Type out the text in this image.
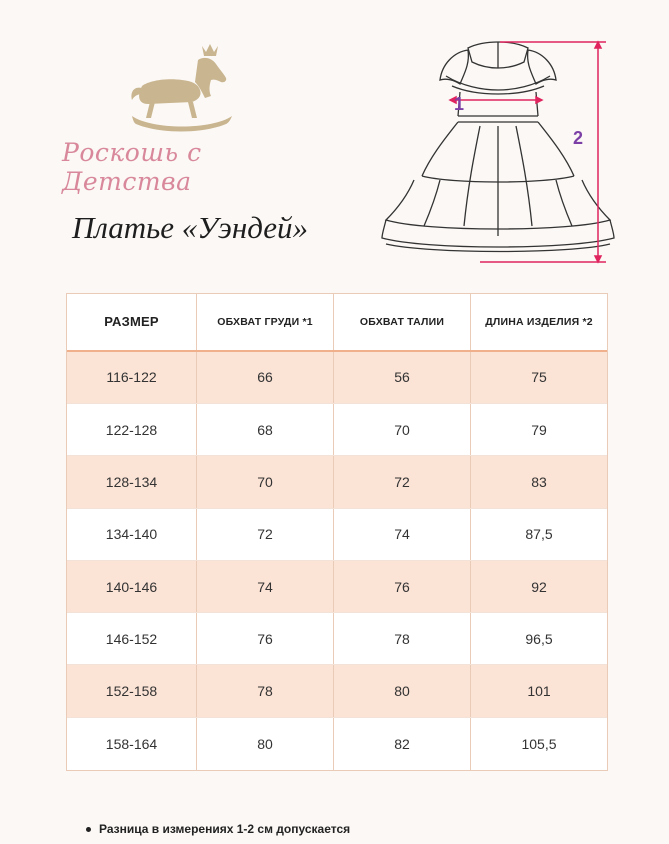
Роскошь с Детства
Платье «Уэндей»
1
2
РАЗМЕР	ОБХВАТ ГРУДИ *1	ОБХВАТ ТАЛИИ	ДЛИНА ИЗДЕЛИЯ *2
116-122	66	56	75
122-128	68	70	79
128-134	70	72	83
134-140	72	74	87,5
140-146	74	76	92
146-152	76	78	96,5
152-158	78	80	101
158-164	80	82	105,5
Разница в измерениях 1-2 см допускается
